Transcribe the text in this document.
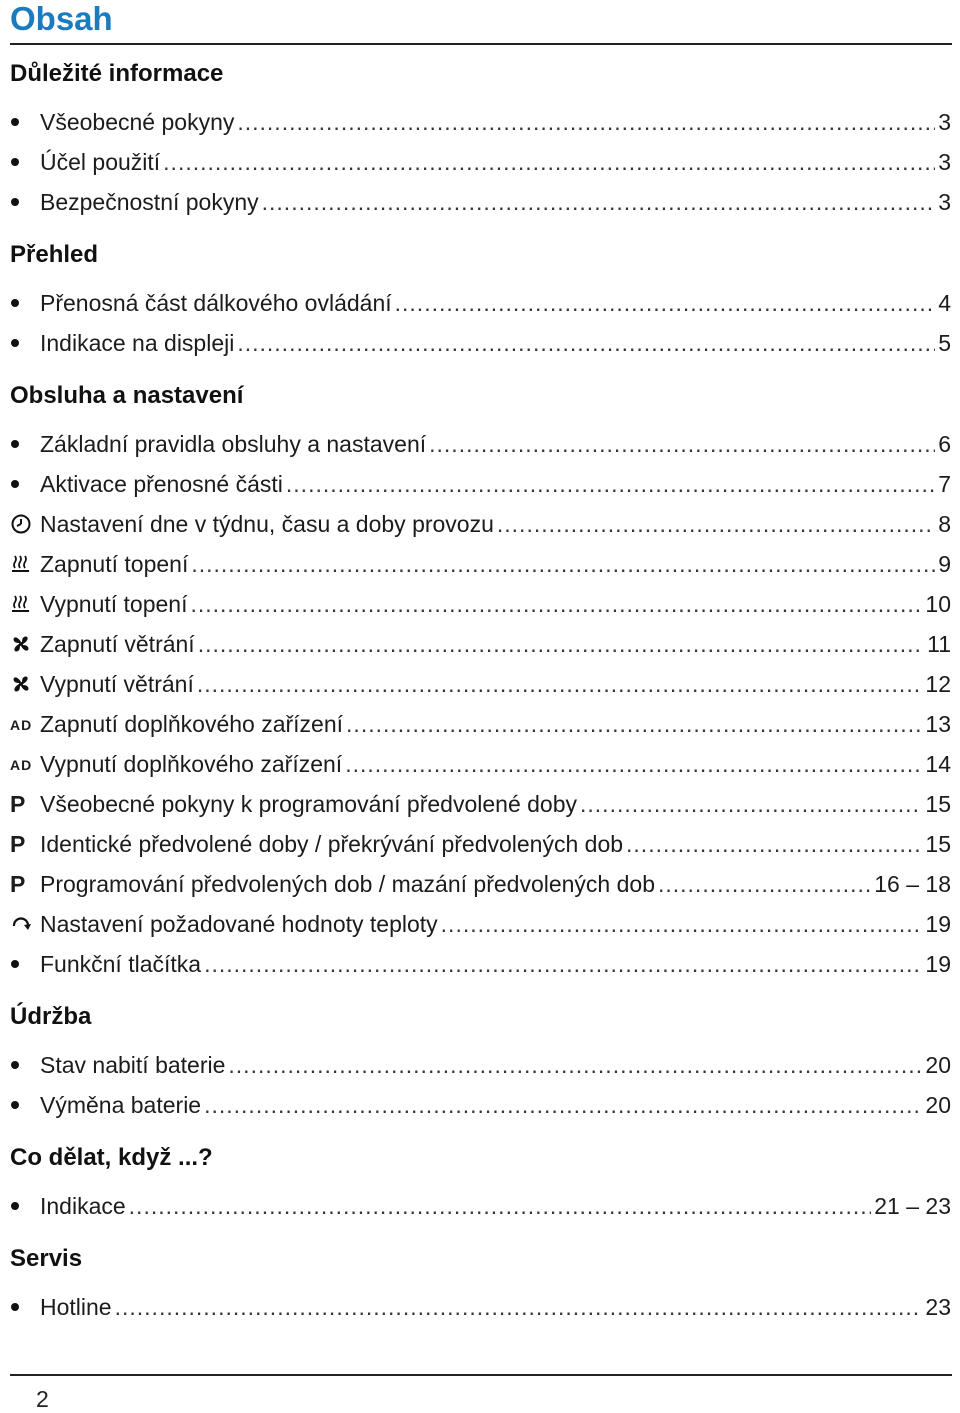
Obsah
Důležité informace
Všeobecné pokyny .....	3
Účel použití .....	3
Bezpečnostní pokyny .....	3
Přehled
Přenosná část dálkového ovládání .....	4
Indikace na displeji .....	5
Obsluha a nastavení
Základní pravidla obsluhy a nastavení .....	6
Aktivace přenosné části .....	7
Nastavení dne v týdnu, času a doby provozu .....	8
Zapnutí topení .....	9
Vypnutí topení .....	10
Zapnutí větrání .....	11
Vypnutí větrání .....	12
AD Zapnutí doplňkového zařízení .....	13
AD Vypnutí doplňkového zařízení .....	14
P Všeobecné pokyny k programování předvolené doby .....	15
P Identické předvolené doby / překrývání předvolených dob .....	15
P Programování předvolených dob / mazání předvolených dob .....	16 – 18
Nastavení požadované hodnoty teploty .....	19
Funkční tlačítka .....	19
Údržba
Stav nabití baterie .....	20
Výměna baterie .....	20
Co dělat, když ...?
Indikace .....	21 – 23
Servis
Hotline .....	23
2
